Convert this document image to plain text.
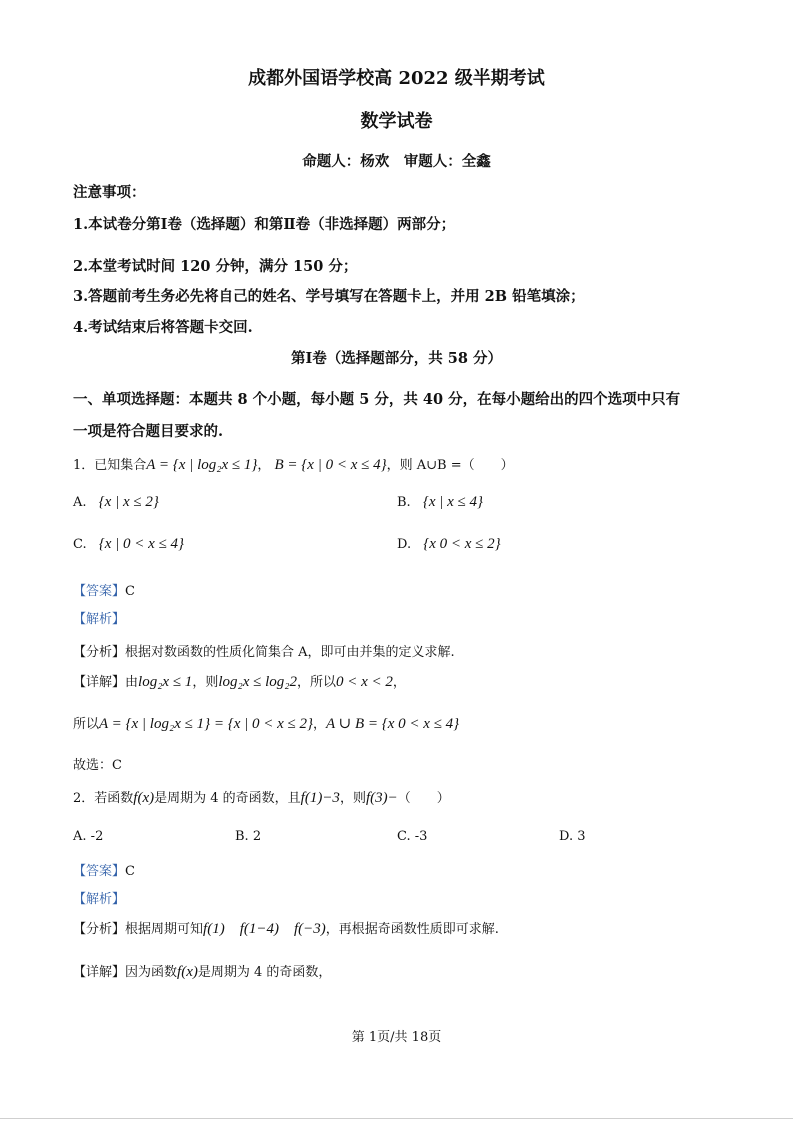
成都外国语学校高 2022 级半期考试
数学试卷
命题人：杨欢　审题人：全鑫
注意事项：
1.本试卷分第Ⅰ卷（选择题）和第Ⅱ卷（非选择题）两部分；
2.本堂考试时间 120 分钟，满分 150 分；
3.答题前考生务必先将自己的姓名、学号填写在答题卡上，并用 2B 铅笔填涂；
4.考试结束后将答题卡交回.
第Ⅰ卷（选择题部分，共 58 分）
一、单项选择题：本题共 8 个小题，每小题 5 分，共 40 分，在每小题给出的四个选项中只有
一项是符合题目要求的.
1．已知集合A = {x | log₂x ≤ 1}， B = {x | 0 < x ≤ 4}，则 A∪B =（　　）
A. {x | x ≤ 2}	B. {x | x ≤ 4}
C. {x | 0 < x ≤ 4}	D. {x 0 < x ≤ 2}
【答案】C
【解析】
【分析】根据对数函数的性质化简集合 A，即可由并集的定义求解.
【详解】由log₂x ≤ 1，则log₂x ≤ log₂2，所以0 < x < 2，
所以A = {x | log₂x ≤ 1} = {x | 0 < x ≤ 2}，A ∪ B = {x 0 < x ≤ 4}
故选：C
2．若函数f(x)是周期为 4 的奇函数，且f(1)−3，则f(3)−（　　）
A. -2	B. 2	C. -3	D. 3
【答案】C
【解析】
【分析】根据周期可知f(1)　f(1−4)　f(−3)，再根据奇函数性质即可求解.
【详解】因为函数f(x)是周期为 4 的奇函数，
第 1页/共 18页
